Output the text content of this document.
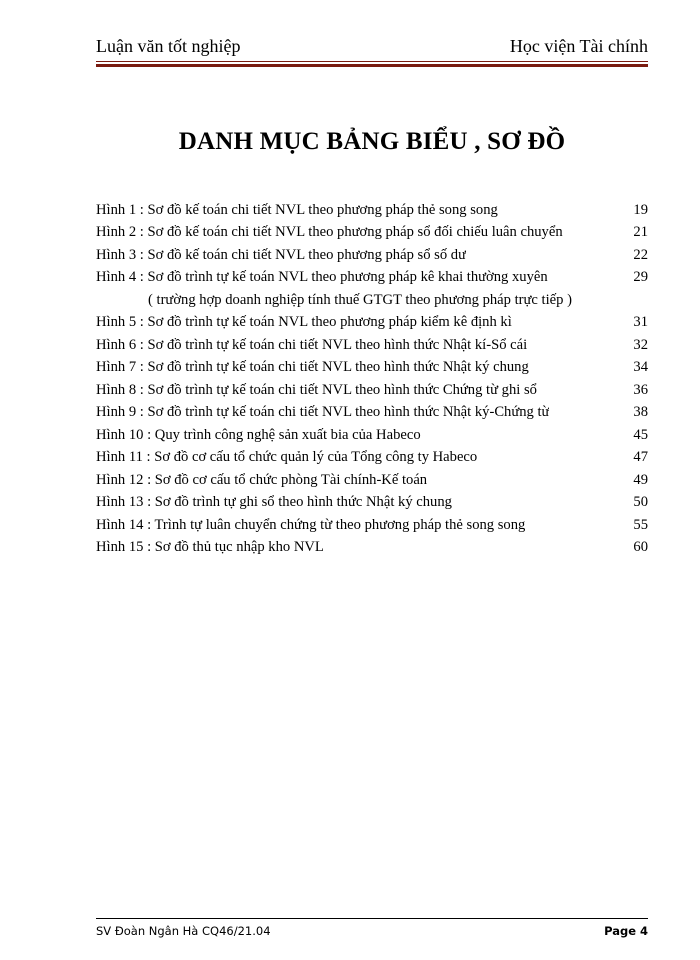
Luận văn tốt nghiệp	Học viện Tài chính
DANH MỤC BẢNG BIỂU , SƠ ĐỒ
Hình 1 : Sơ đồ kế toán chi tiết NVL theo phương pháp thẻ song song	19
Hình 2 : Sơ đồ kế toán chi tiết NVL theo phương pháp sổ đối chiếu luân chuyển	21
Hình 3 : Sơ đồ kế toán chi tiết NVL theo phương pháp sổ số dư	22
Hình 4 : Sơ đồ trình tự kế toán NVL theo phương pháp kê khai thường xuyên	29
( trường hợp doanh nghiệp tính thuế GTGT theo phương pháp trực tiếp )
Hình 5 : Sơ đồ trình tự kế toán NVL theo phương pháp kiểm kê định kì	31
Hình 6 : Sơ đồ trình tự kế toán chi tiết NVL theo hình thức Nhật kí-Sổ cái	32
Hình 7 : Sơ đồ trình tự kế toán chi tiết NVL theo hình thức Nhật ký chung	34
Hình 8 : Sơ đồ trình tự kế toán chi tiết NVL theo hình thức Chứng từ ghi sổ	36
Hình 9 : Sơ đồ trình tự kế toán chi tiết NVL theo hình thức Nhật ký-Chứng từ	38
Hình 10 : Quy trình công nghệ sản xuất bia của Habeco	45
Hình 11 : Sơ đồ cơ cấu tổ chức quản lý của Tổng công ty Habeco	47
Hình 12 : Sơ đồ cơ cấu tổ chức phòng Tài chính-Kế toán	49
Hình 13 : Sơ đồ trình tự ghi sổ theo hình thức Nhật ký chung	50
Hình 14 : Trình tự luân chuyển chứng từ theo phương pháp thẻ song song	55
Hình 15 : Sơ đồ thủ tục nhập kho NVL	60
SV Đoàn Ngân Hà CQ46/21.04	Page 4
